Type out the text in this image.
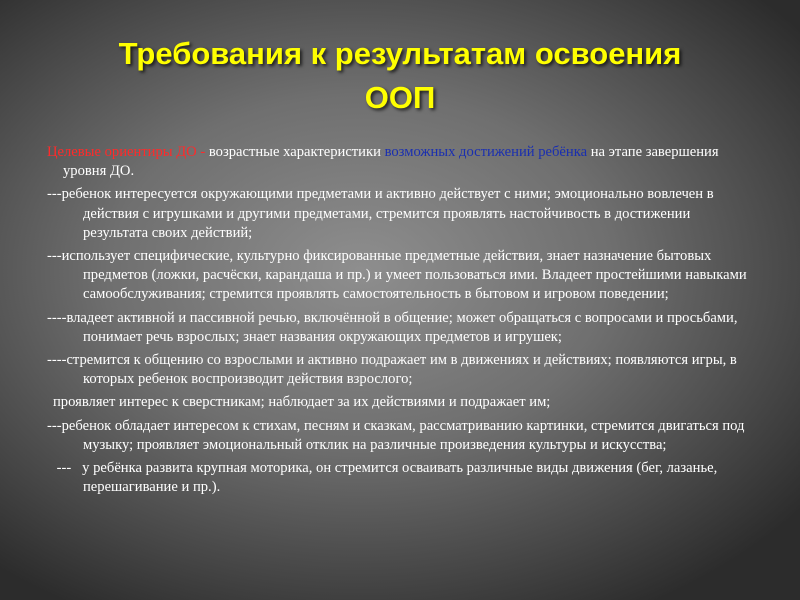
Требования к результатам освоения
ООП

Целевые ориентиры ДО - возрастные характеристики возможных достижений ребёнка на этапе завершения уровня ДО.

---ребенок интересуется окружающими предметами и активно действует с ними; эмоционально вовлечен в действия с игрушками и другими предметами, стремится проявлять настойчивость в достижении результата своих действий;

---использует специфические, культурно фиксированные предметные действия, знает назначение бытовых предметов (ложки, расчёски, карандаша и пр.) и умеет пользоваться ими. Владеет простейшими навыками самообслуживания; стремится проявлять самостоятельность в бытовом и игровом поведении;

----владеет активной и пассивной речью, включённой в общение; может обращаться с вопросами и просьбами, понимает речь взрослых; знает названия окружающих предметов и игрушек;

----стремится к общению со взрослыми и активно подражает им в движениях и действиях; появляются игры, в которых ребенок воспроизводит действия взрослого;

проявляет интерес к сверстникам; наблюдает за их действиями и подражает им;

---ребенок обладает интересом к стихам, песням и сказкам, рассматриванию картинки, стремится двигаться под музыку; проявляет эмоциональный отклик на различные произведения культуры и искусства;

---   у ребёнка развита крупная моторика, он стремится осваивать различные виды движения (бег, лазанье, перешагивание и пр.).
